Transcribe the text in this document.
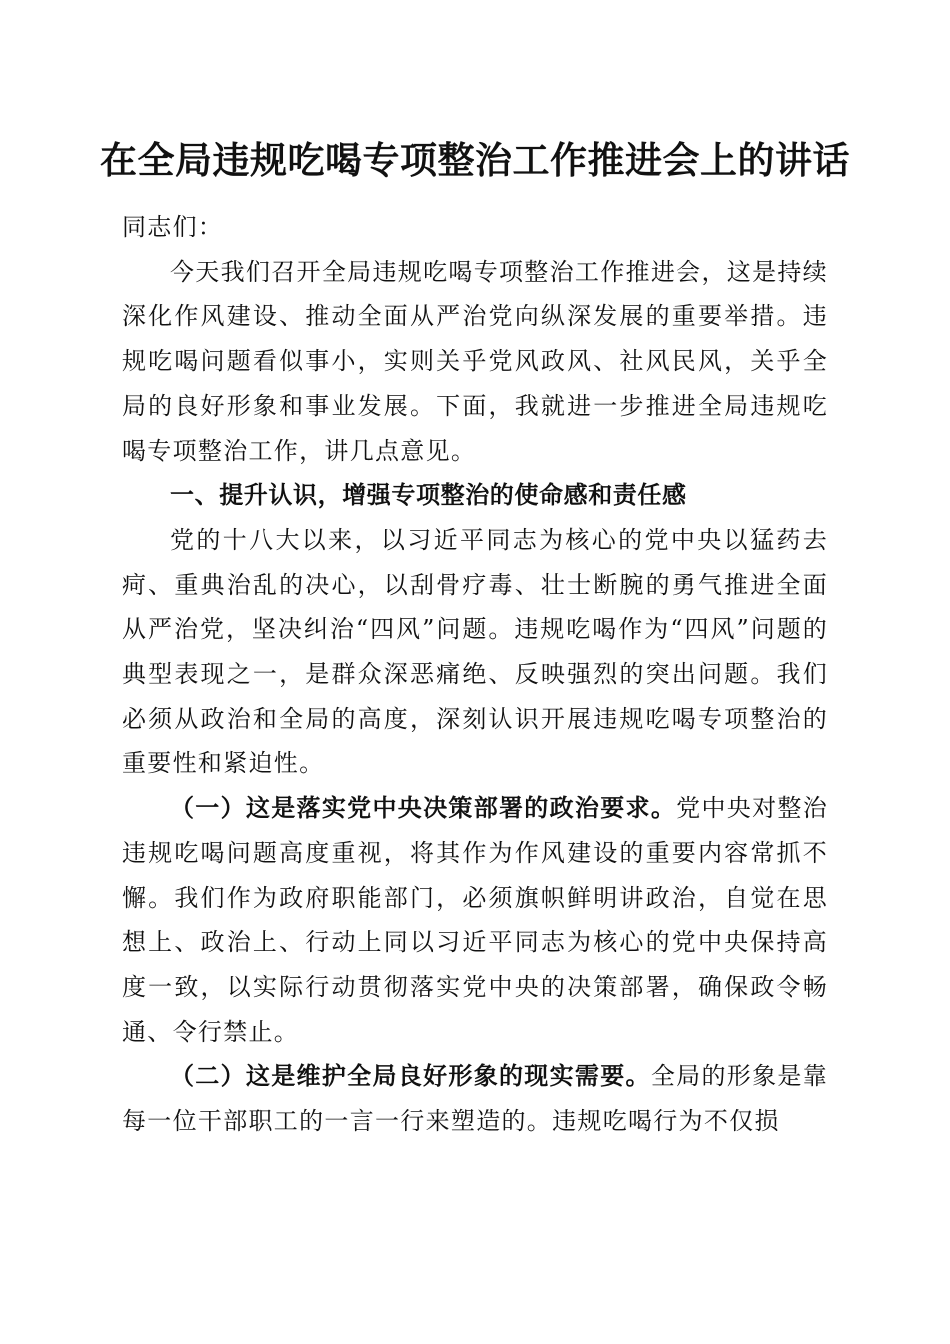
在全局违规吃喝专项整治工作推进会上的讲话

同志们：

今天我们召开全局违规吃喝专项整治工作推进会，这是持续深化作风建设、推动全面从严治党向纵深发展的重要举措。违规吃喝问题看似事小，实则关乎党风政风、社风民风，关乎全局的良好形象和事业发展。下面，我就进一步推进全局违规吃喝专项整治工作，讲几点意见。

一、提升认识，增强专项整治的使命感和责任感

党的十八大以来，以习近平同志为核心的党中央以猛药去疴、重典治乱的决心，以刮骨疗毒、壮士断腕的勇气推进全面从严治党，坚决纠治“四风”问题。违规吃喝作为“四风”问题的典型表现之一，是群众深恶痛绝、反映强烈的突出问题。我们必须从政治和全局的高度，深刻认识开展违规吃喝专项整治的重要性和紧迫性。

（一）这是落实党中央决策部署的政治要求。党中央对整治违规吃喝问题高度重视，将其作为作风建设的重要内容常抓不懈。我们作为政府职能部门，必须旗帜鲜明讲政治，自觉在思想上、政治上、行动上同以习近平同志为核心的党中央保持高度一致，以实际行动贯彻落实党中央的决策部署，确保政令畅通、令行禁止。

（二）这是维护全局良好形象的现实需要。全局的形象是靠每一位干部职工的一言一行来塑造的。违规吃喝行为不仅损
